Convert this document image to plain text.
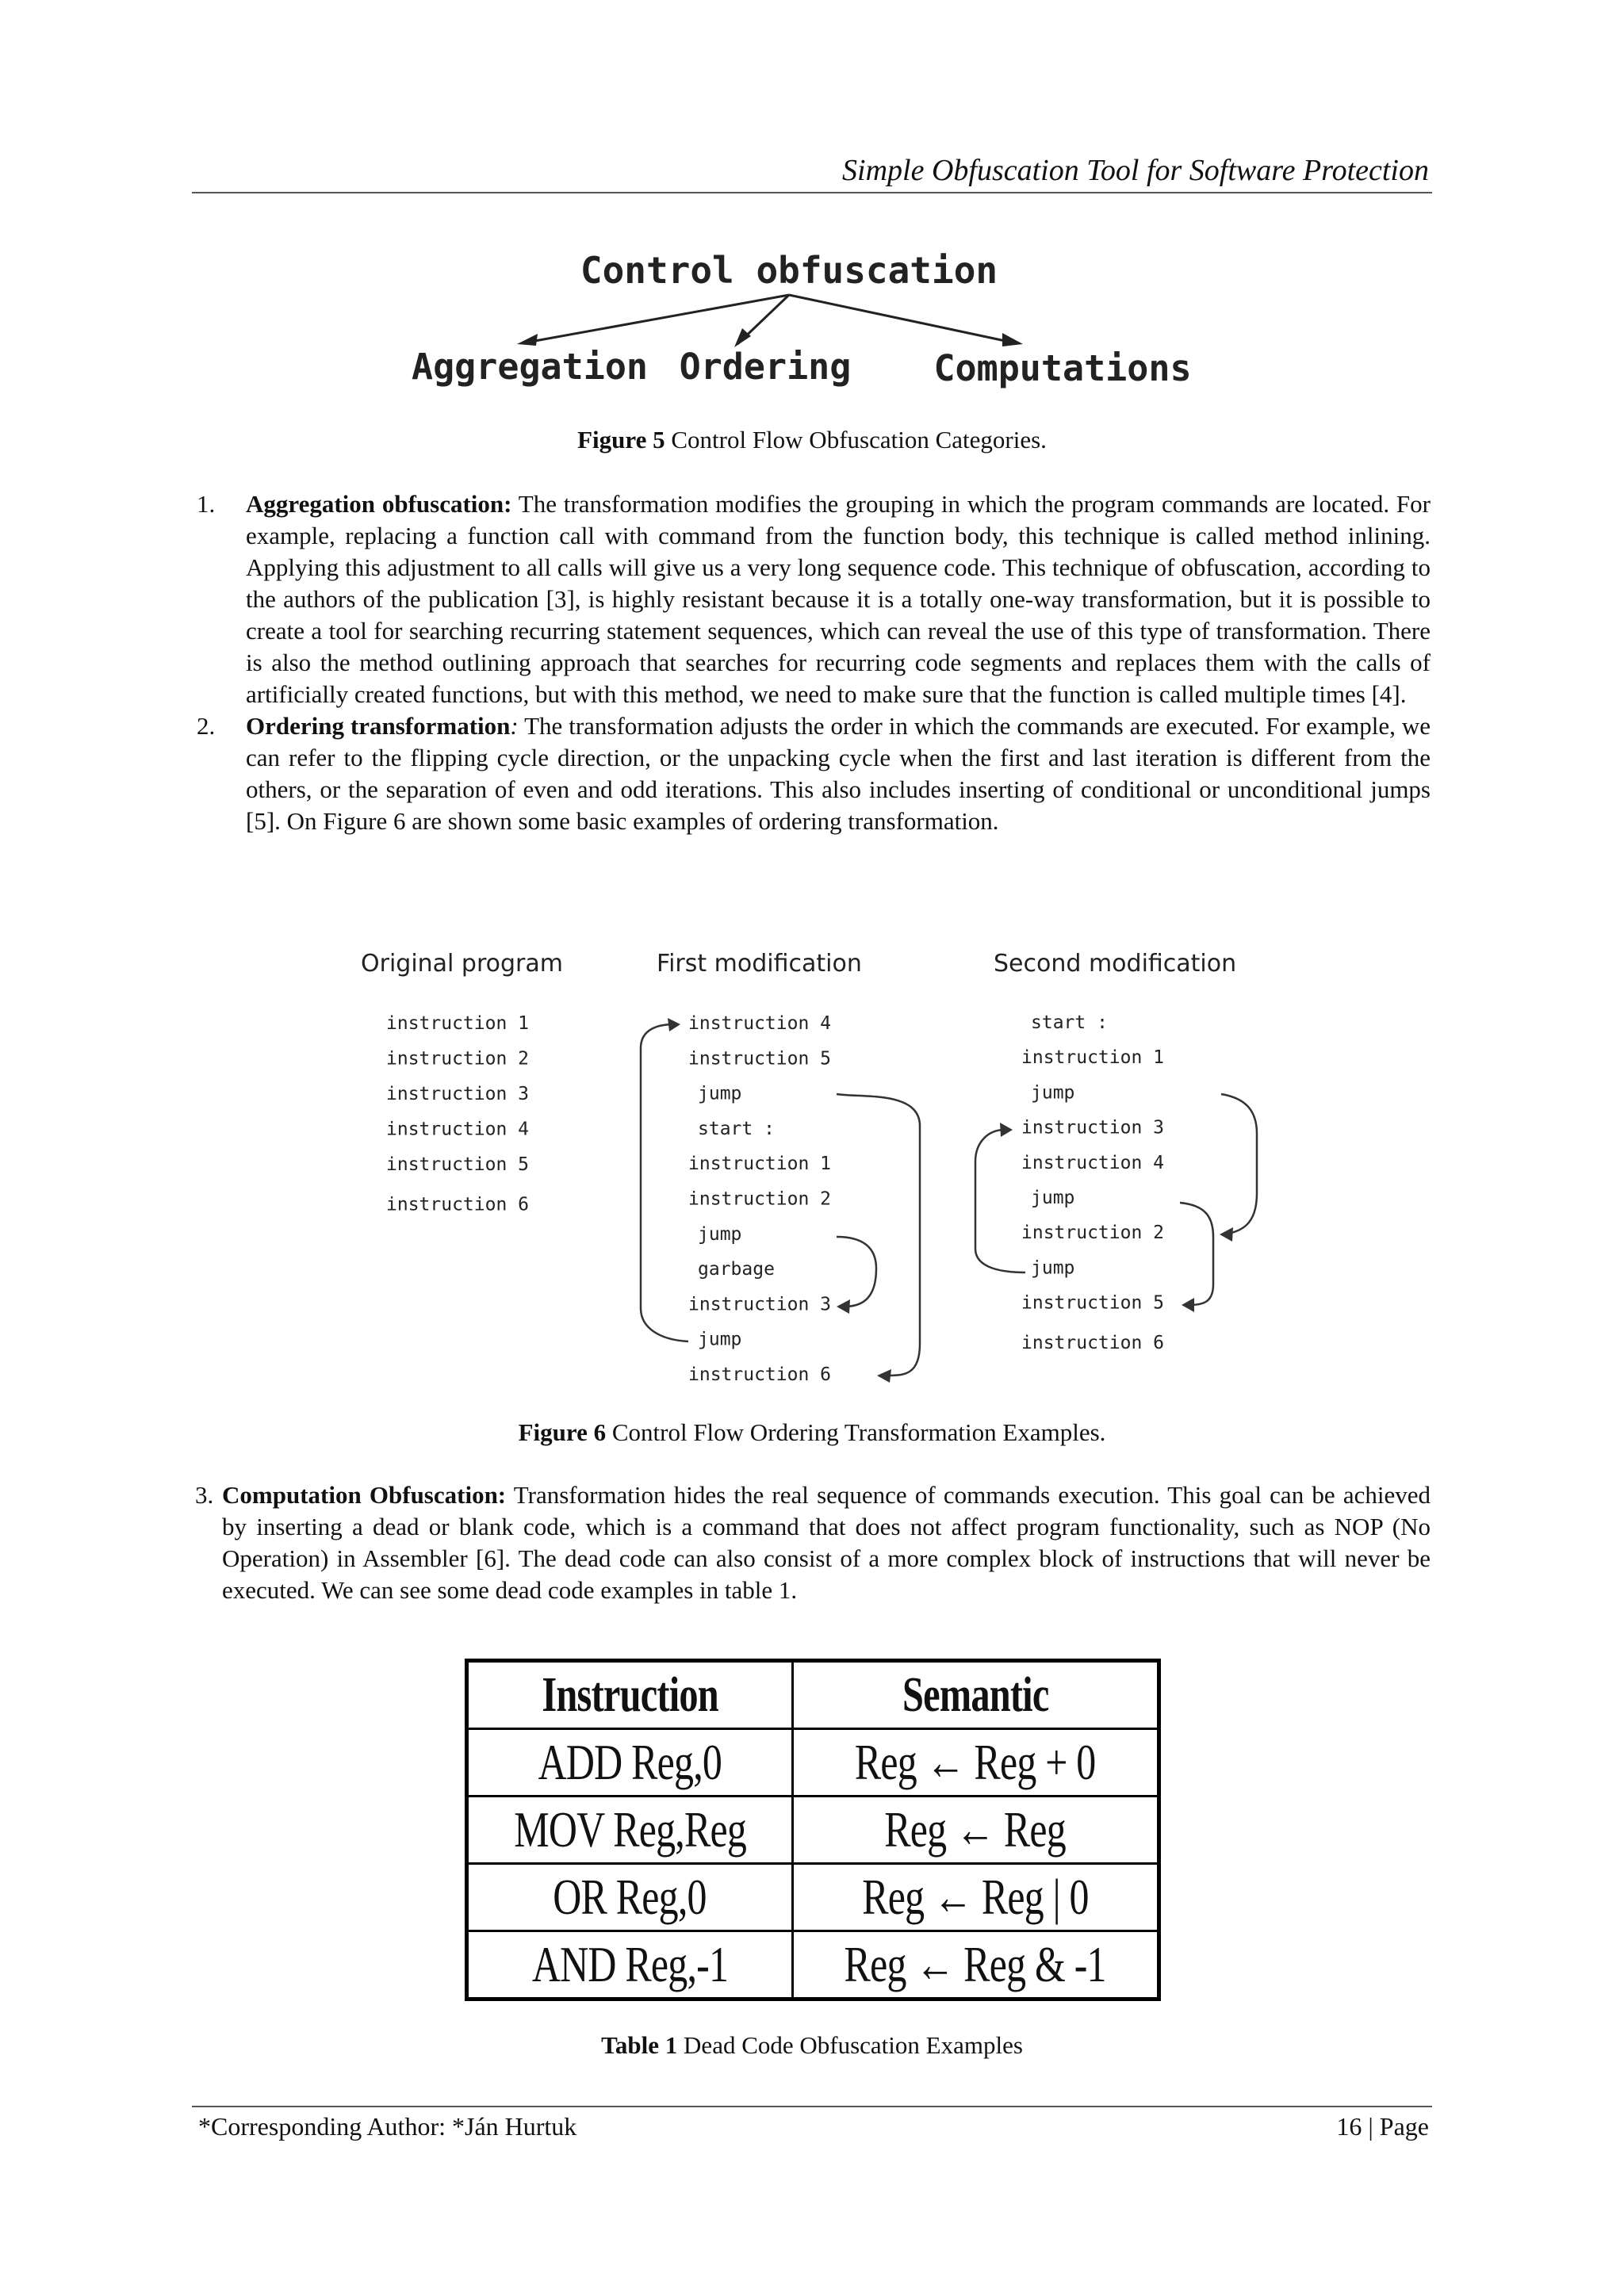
Simple Obfuscation Tool for Software Protection
Control obfuscation
Aggregation Ordering Computations
Figure 5 Control Flow Obfuscation Categories.
1. Aggregation obfuscation: The transformation modifies the grouping in which the program commands are located. For example, replacing a function call with command from the function body, this technique is called method inlining. Applying this adjustment to all calls will give us a very long sequence code. This technique of obfuscation, according to the authors of the publication [3], is highly resistant because it is a totally one-way transformation, but it is possible to create a tool for searching recurring statement sequences, which can reveal the use of this type of transformation. There is also the method outlining approach that searches for recurring code segments and replaces them with the calls of artificially created functions, but with this method, we need to make sure that the function is called multiple times [4].
2. Ordering transformation: The transformation adjusts the order in which the commands are executed. For example, we can refer to the flipping cycle direction, or the unpacking cycle when the first and last iteration is different from the others, or the separation of even and odd iterations. This also includes inserting of conditional or unconditional jumps [5]. On Figure 6 are shown some basic examples of ordering transformation.
Original program	First modification	Second modification
instruction 1
instruction 2
instruction 3
instruction 4
instruction 5
instruction 6
instruction 4
instruction 5
jump
start :
instruction 1
instruction 2
jump
garbage
instruction 3
jump
instruction 6
start :
instruction 1
jump
instruction 3
instruction 4
jump
instruction 2
jump
instruction 5
instruction 6
Figure 6 Control Flow Ordering Transformation Examples.
3. Computation Obfuscation: Transformation hides the real sequence of commands execution. This goal can be achieved by inserting a dead or blank code, which is a command that does not affect program functionality, such as NOP (No Operation) in Assembler [6]. The dead code can also consist of a more complex block of instructions that will never be executed. We can see some dead code examples in table 1.
Instruction	Semantic
ADD Reg,0	Reg ← Reg + 0
MOV Reg,Reg	Reg ← Reg
OR Reg,0	Reg ← Reg | 0
AND Reg,-1	Reg ← Reg & -1
Table 1 Dead Code Obfuscation Examples
*Corresponding Author: *Ján Hurtuk	16 | Page
